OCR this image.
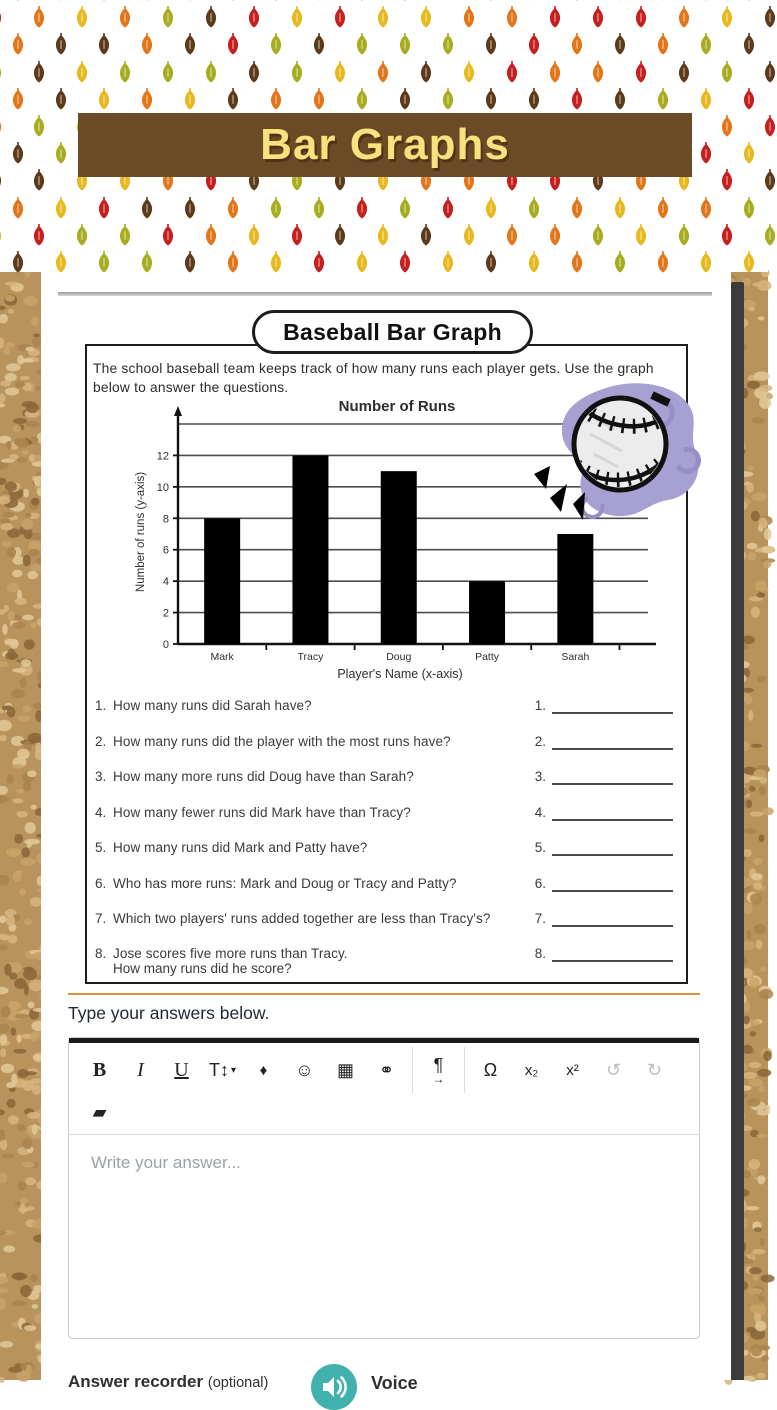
Bar Graphs
Baseball Bar Graph
The school baseball team keeps track of how many runs each player gets. Use the graph below to answer the questions.
0
2
4
6
8
10
12
Mark	Tracy	Doug	Patty	Sarah
Number of Runs
Player's Name (x-axis)
Number of runs (y-axis)
1. How many runs did Sarah have?	1.
2. How many runs did the player with the most runs have?	2.
3. How many more runs did Doug have than Sarah?	3.
4. How many fewer runs did Mark have than Tracy?	4.
5. How many runs did Mark and Patty have?	5.
6. Who has more runs: Mark and Doug or Tracy and Patty?	6.
7. Which two players' runs added together are less than Tracy's?	7.
8. Jose scores five more runs than Tracy.
How many runs did he score?
8.
Type your answers below.
B I U T↕ ▾ ♦ ☺ ▦ ⚭ ¶
→ Ω x₂ x² ↺ ↻
▰
Write your answer...
Answer recorder (optional)	Voice
